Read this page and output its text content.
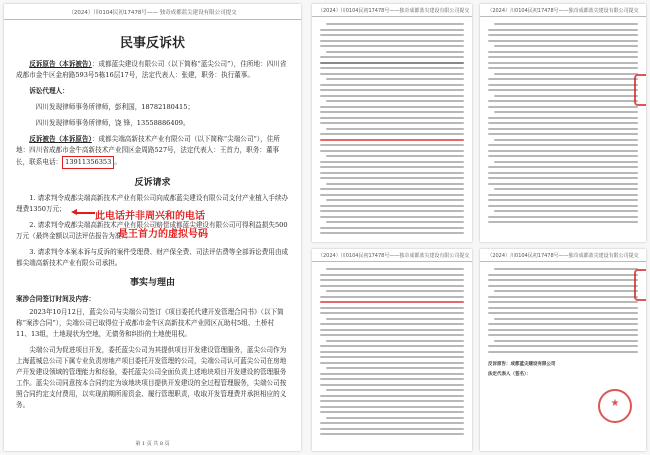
（2024）川0104民初17478号—— 独奇成都蓝尖建设有限公司提交
民事反诉状
反诉原告（本诉被告）：成都蓝尖建设有限公司（以下简称“蓝尖公司”），住所地：四川省成都市金牛区金府路593号5栋16层17号，法定代表人：张建，职务：执行董事。
诉讼代理人：
四川发现律师事务所律师，彭利国，18782180415；
四川发现律师事务所律师，饶 锋，13558886409。
反诉被告（本诉原告）：成都尖端高新技术产业有限公司（以下简称“尖端公司”），住所地：四川省成都市金牛高新技术产业园区金周路527号，法定代表人：王首力，职务：董事长，联系电话： 13911356353 。
反诉请求
1. 请求判令成都尖端高新技术产业有限公司向成都蓝尖建设有限公司支付产业植入手续办理费1350万元；
2. 请求判令成都尖端高新技术产业有限公司赔偿成都蓝尖建设有限公司可得利益损失500万元（最终金额以司法评估报告为准）；
3. 请求判令本案本诉与反诉的案件受理费、财产保全费、司法评估费等全部诉讼费用由成都尖端高新技术产业有限公司承担。
事实与理由
案涉合同签订时间及内容：
2023年10月12日，蓝尖公司与尖端公司签订《项目委托代建开发管理合同书》（以下简称“案涉合同”），尖端公司已取得位于成都市金牛区高新技术产业园区瓦助村5组、土桥村11、13组，土地现状为空地，无债务和纠纷的土地使用权。
尖端公司为促进项目开发，委托蓝尖公司为其提供项目开发建设管理服务，蓝尖公司作为上海蓝城总公司下属专业负责房地产项目委托开发管理的公司，尖端公司认可蓝尖公司在房地产开发建设领域的管理能力和经验，委托蓝尖公司全面负责上述地块项目开发建设的管理服务工作。蓝尖公司同意按本合同约定为该地块项目提供开发建设的全过程管理服务，尖端公司按照合同约定支付费用，以实现前期所需资金、履行管理职责，收取开发管理费并承担相应的义务。
第 1 页 共 8 页
此电话并非周兴和的电话
是王首力的虚拟号码
（2024）川0104民初17478号——独奇成都蓝尖建设有限公司提交	（2024）川0104民初17478号——独奇成都蓝尖建设有限公司提交
（2024）川0104民初17478号——独奇成都蓝尖建设有限公司提交	（2024）川0104民初17478号——独奇成都蓝尖建设有限公司提交
反诉原告：成都蓝尖建设有限公司
法定代表人（签名）：
★
